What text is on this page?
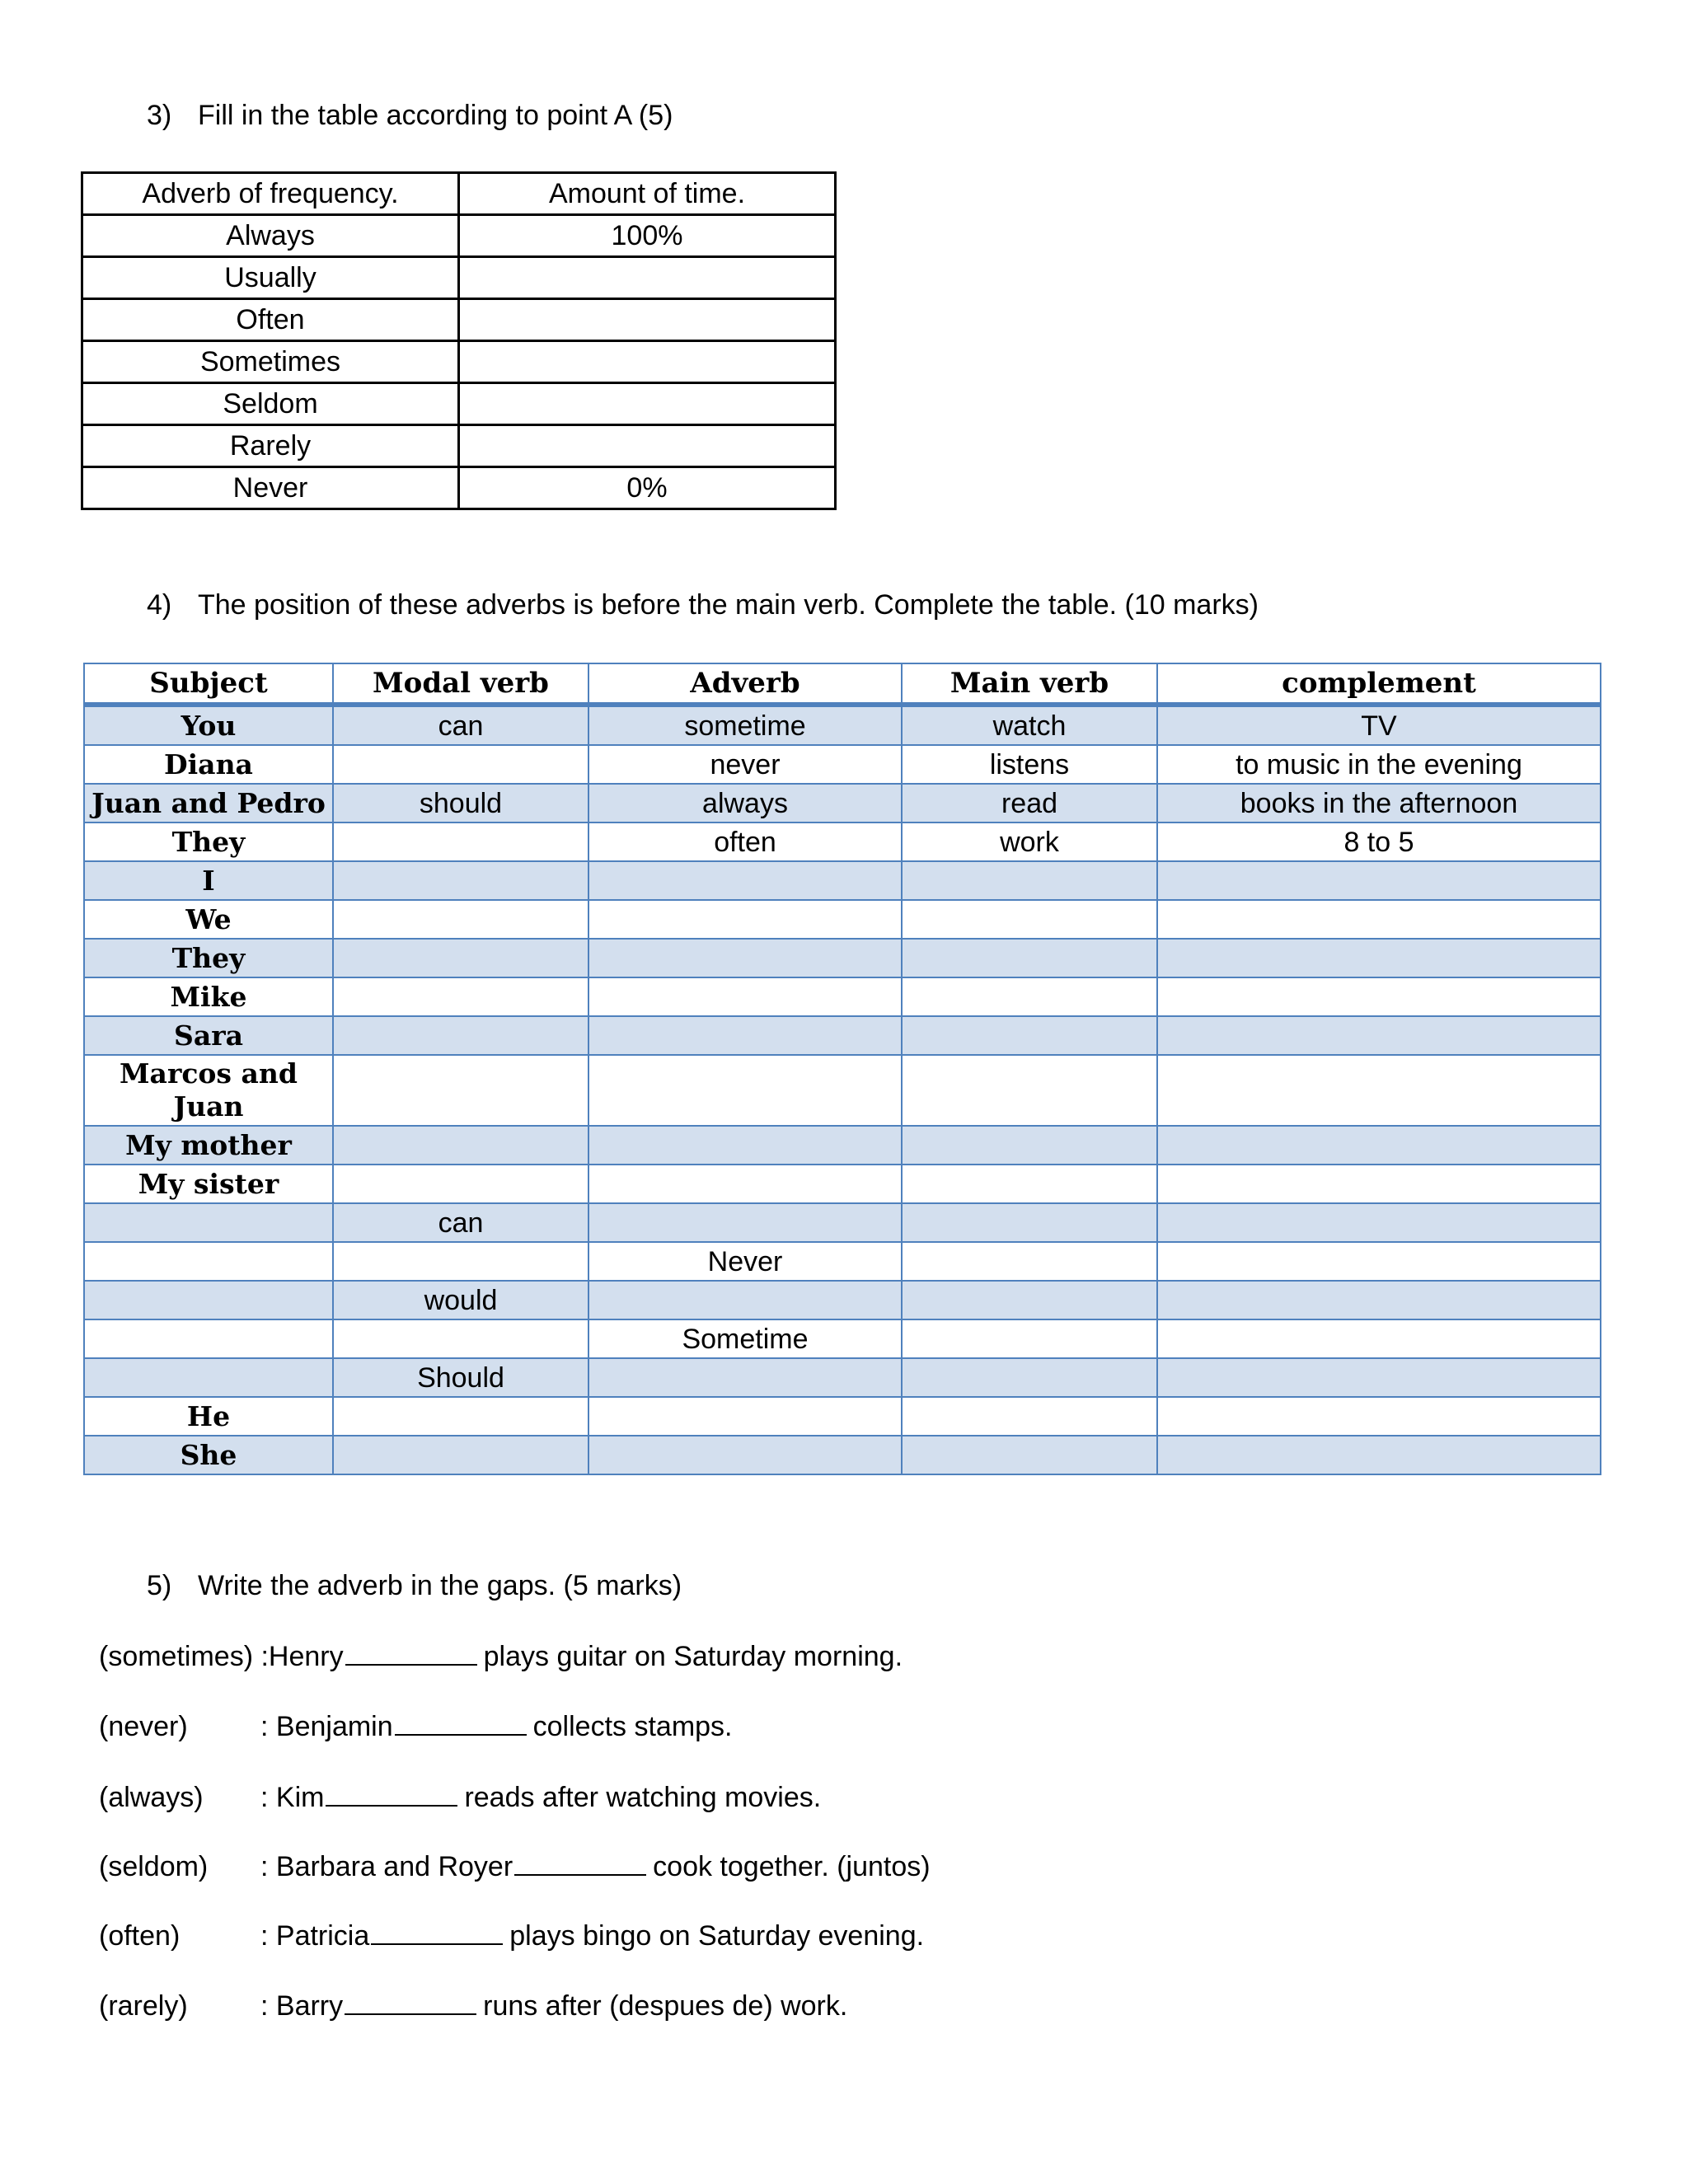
3) Fill in the table according to point A (5)
Adverb of frequency.	Amount of time.
Always	100%
Usually	
Often	
Sometimes	
Seldom	
Rarely	
Never	0%
4) The position of these adverbs is before the main verb. Complete the table. (10 marks)
Subject	Modal verb	Adverb	Main verb	complement
You	can	sometime	watch	TV
Diana		never	listens	to music in the evening
Juan and Pedro	should	always	read	books in the afternoon
They		often	work	8 to 5
I				
We				
They				
Mike				
Sara				
Marcos and Juan				
My mother				
My sister				
	can			
		Never		
	would			
		Sometime		
	Should			
He				
She				
5) Write the adverb in the gaps. (5 marks)
(sometimes) :Henry	plays guitar on Saturday morning.
(never)	: Benjamin	collects stamps.
(always) : Kim	reads after watching movies.
(seldom) : Barbara and Royer	cook together. (juntos)
(often)	: Patricia	plays bingo on Saturday evening.
(rarely)	: Barry	runs after (despues de) work.
